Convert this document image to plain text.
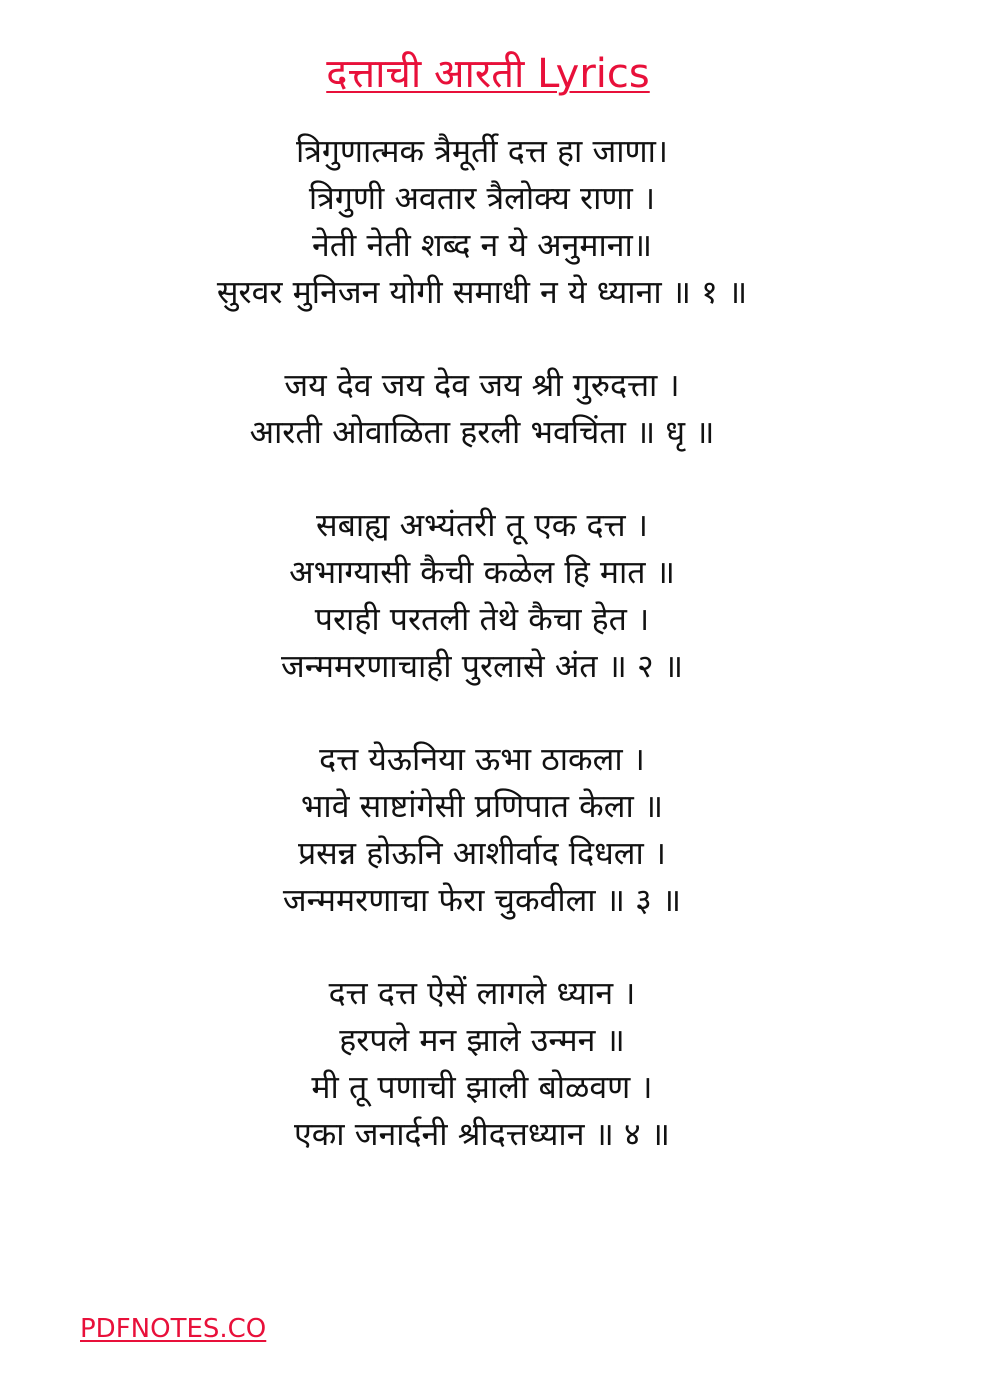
दत्ताची आरती Lyrics
त्रिगुणात्मक त्रैमूर्ती दत्त हा जाणा।
त्रिगुणी अवतार त्रैलोक्य राणा ।
नेती नेती शब्द न ये अनुमाना॥
सुरवर मुनिजन योगी समाधी न ये ध्याना ॥ १ ॥
जय देव जय देव जय श्री गुरुदत्ता ।
आरती ओवाळिता हरली भवचिंता ॥ धृ ॥
सबाह्य अभ्यंतरी तू एक दत्त ।
अभाग्यासी कैची कळेल हि मात ॥
पराही परतली तेथे कैचा हेत ।
जन्ममरणाचाही पुरलासे अंत ॥ २ ॥
दत्त येऊनिया ऊभा ठाकला ।
भावे साष्टांगेसी प्रणिपात केला ॥
प्रसन्न होऊनि आशीर्वाद दिधला ।
जन्ममरणाचा फेरा चुकवीला ॥ ३ ॥
दत्त दत्त ऐसें लागले ध्यान ।
हरपले मन झाले उन्मन ॥
मी तू पणाची झाली बोळवण ।
एका जनार्दनी श्रीदत्तध्यान ॥ ४ ॥
PDFNOTES.CO
